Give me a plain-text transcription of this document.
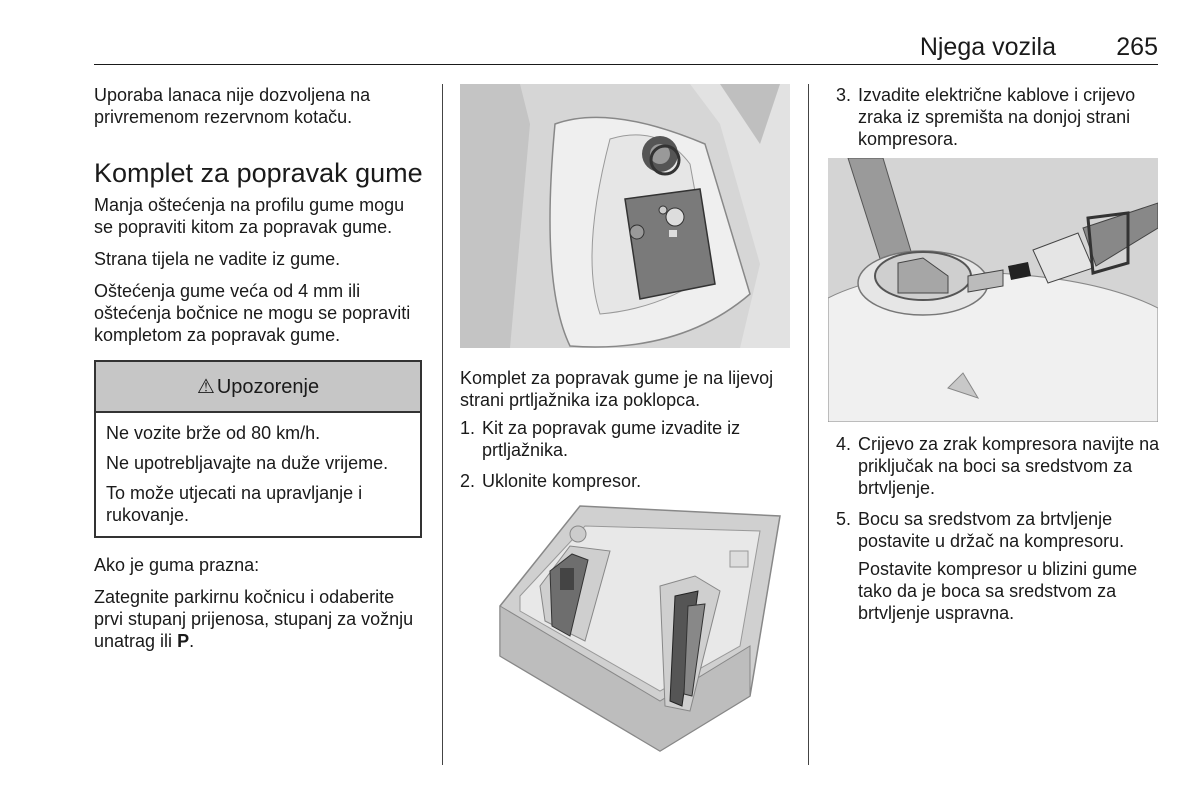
Njega vozila 265

Uporaba lanaca nije dozvoljena na privremenom rezervnom kotaču.

Komplet za popravak gume

Manja oštećenja na profilu gume mogu se popraviti kitom za popravak gume.

Strana tijela ne vadite iz gume.

Oštećenja gume veća od 4 mm ili oštećenja bočnice ne mogu se popraviti kompletom za popravak gume.

⚠ Upozorenje

Ne vozite brže od 80 km/h.

Ne upotrebljavajte na duže vrijeme.

To može utjecati na upravljanje i rukovanje.

Ako je guma prazna:

Zategnite parkirnu kočnicu i odaberite prvi stupanj prijenosa, stupanj za vožnju unatrag ili P.

Komplet za popravak gume je na lijevoj strani prtljažnika iza poklopca.

1. Kit za popravak gume izvadite iz prtljažnika.
2. Uklonite kompresor.
3. Izvadite električne kablove i crijevo zraka iz spremišta na donjoj strani kompresora.
4. Crijevo za zrak kompresora navijte na priključak na boci sa sredstvom za brtvljenje.
5. Bocu sa sredstvom za brtvljenje postavite u držač na kompresoru.
Postavite kompresor u blizini gume tako da je boca sa sredstvom za brtvljenje uspravna.
